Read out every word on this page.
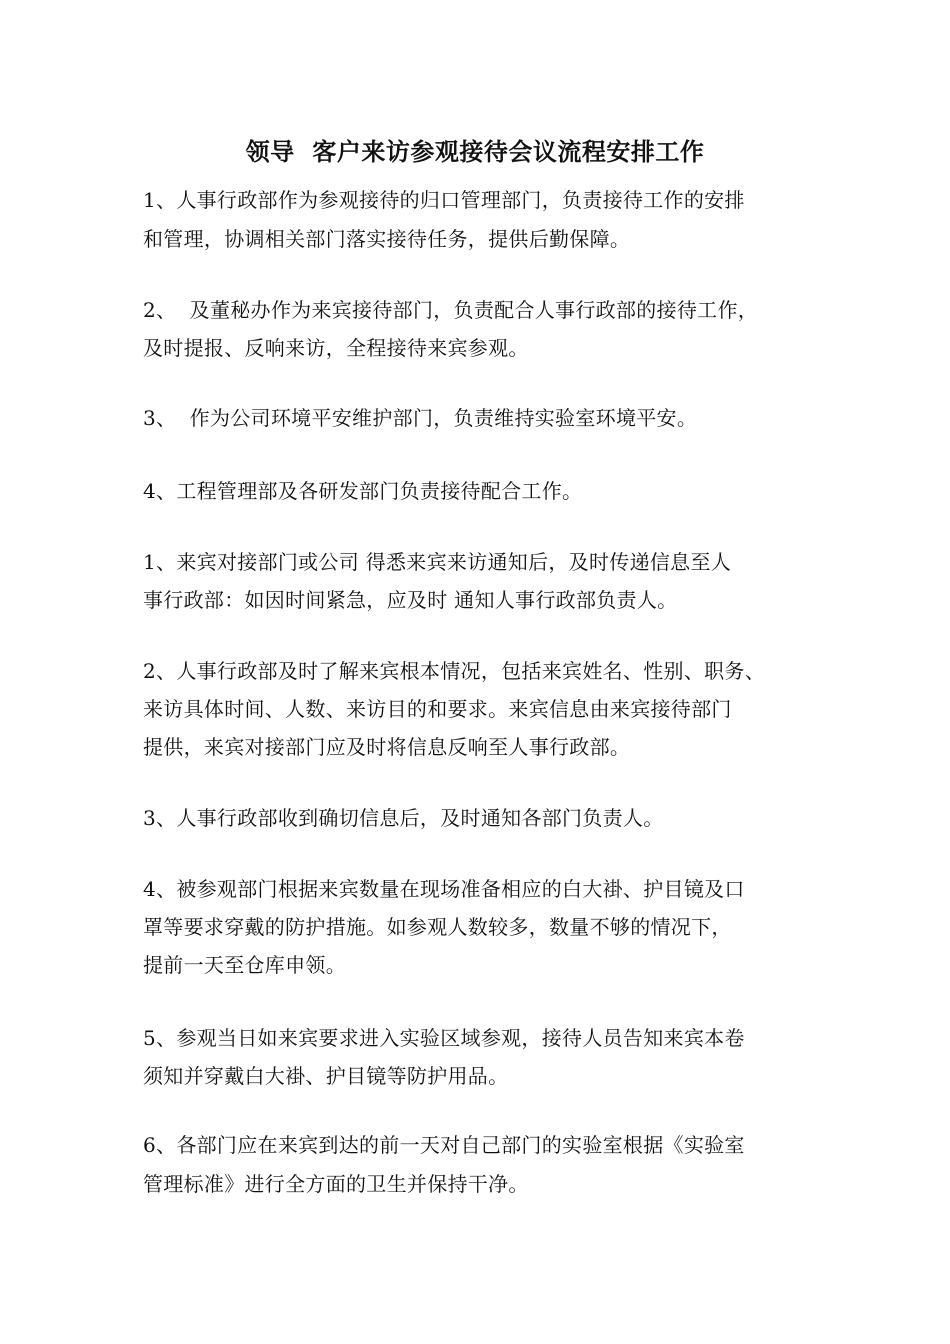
领导  客户来访参观接待会议流程安排工作
1、人事行政部作为参观接待的归口管理部门，负责接待工作的安排
和管理，协调相关部门落实接待任务，提供后勤保障。
2、  及董秘办作为来宾接待部门，负责配合人事行政部的接待工作，
及时提报、反响来访，全程接待来宾参观。
3、  作为公司环境平安维护部门，负责维持实验室环境平安。
4、工程管理部及各研发部门负责接待配合工作。
1、来宾对接部门或公司 得悉来宾来访通知后，及时传递信息至人
事行政部：如因时间紧急，应及时 通知人事行政部负责人。
2、人事行政部及时了解来宾根本情况，包括来宾姓名、性别、职务、
来访具体时间、人数、来访目的和要求。来宾信息由来宾接待部门
提供，来宾对接部门应及时将信息反响至人事行政部。
3、人事行政部收到确切信息后，及时通知各部门负责人。
4、被参观部门根据来宾数量在现场准备相应的白大褂、护目镜及口
罩等要求穿戴的防护措施。如参观人数较多，数量不够的情况下，
提前一天至仓库申领。
5、参观当日如来宾要求进入实验区域参观，接待人员告知来宾本卷
须知并穿戴白大褂、护目镜等防护用品。
6、各部门应在来宾到达的前一天对自己部门的实验室根据《实验室
管理标准》进行全方面的卫生并保持干净。
